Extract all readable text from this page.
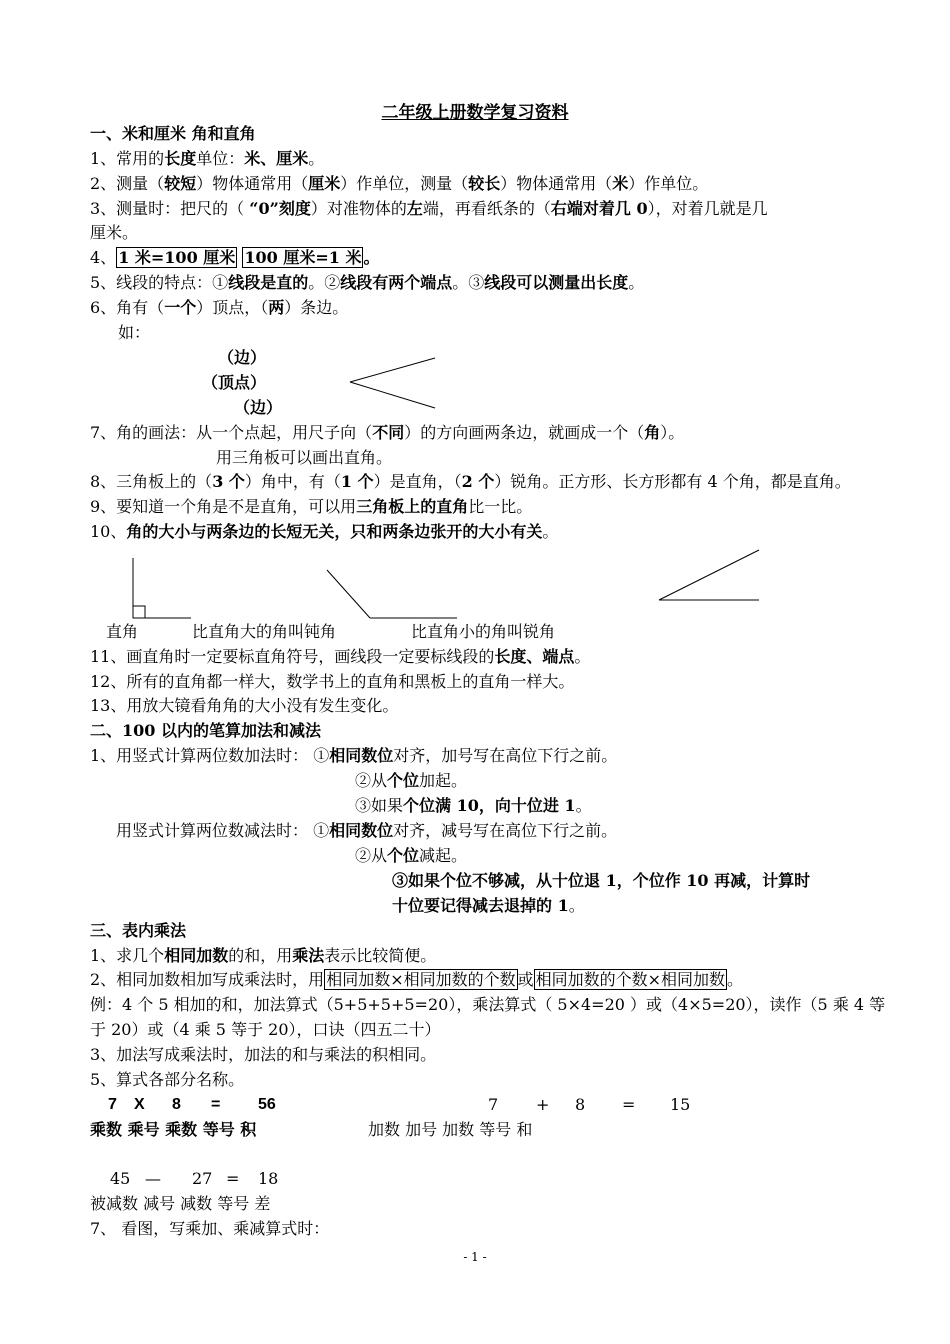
二年级上册数学复习资料
一、米和厘米 角和直角
1、常用的长度单位：米、厘米。
2、测量（较短）物体通常用（厘米）作单位，测量（较长）物体通常用（米）作单位。
3、测量时：把尺的（ “0”刻度）对准物体的左端，再看纸条的（右端对着几 0），对着几就是几
厘米。
4、 1 米=100 厘米 100 厘米=1 米 。
5、线段的特点：①线段是直的。②线段有两个端点。③线段可以测量出长度。
6、角有（一个）顶点，（两）条边。
如：
（边）
（顶点）
（边）
7、角的画法：从一个点起，用尺子向（不同）的方向画两条边，就画成一个（角）。
用三角板可以画出直角。
8、三角板上的（3 个）角中，有（1 个）是直角，（2 个）锐角。正方形、长方形都有 4 个角，都是直角。
9、要知道一个角是不是直角，可以用三角板上的直角比一比。
10、角的大小与两条边的长短无关，只和两条边张开的大小有关。
直角	比直角大的角叫钝角	比直角小的角叫锐角
11、画直角时一定要标直角符号，画线段一定要标线段的长度、端点。
12、所有的直角都一样大，数学书上的直角和黑板上的直角一样大。
13、用放大镜看角角的大小没有发生变化。
二、100 以内的笔算加法和减法
1、用竖式计算两位数加法时： ①相同数位对齐，加号写在高位下行之前。
②从个位加起。
③如果个位满 10，向十位进 1。
用竖式计算两位数减法时： ①相同数位对齐，减号写在高位下行之前。
②从个位减起。
③如果个位不够减，从十位退 1，个位作 10 再减，计算时
十位要记得减去退掉的 1。
三、表内乘法
1、求几个相同加数的和，用乘法表示比较简便。
2、相同加数相加写成乘法时，用 相同加数×相同加数的个数 或 相同加数的个数×相同加数 。
例：4 个 5 相加的和，加法算式（5+5+5+5=20），乘法算式（ 5×4=20 ）或（4×5=20），读作（5 乘 4 等
于 20）或（4 乘 5 等于 20），口诀（四五二十）
3、加法写成乘法时，加法的和与乘法的积相同。
5、算式各部分名称。
7 X 8 = 56
乘数 乘号 乘数 等号 积
7 + 8 = 15
加数 加号 加数 等号 和
45 — 27 = 18
被减数 减号 减数 等号 差
7、 看图，写乘加、乘减算式时：
- 1 -
